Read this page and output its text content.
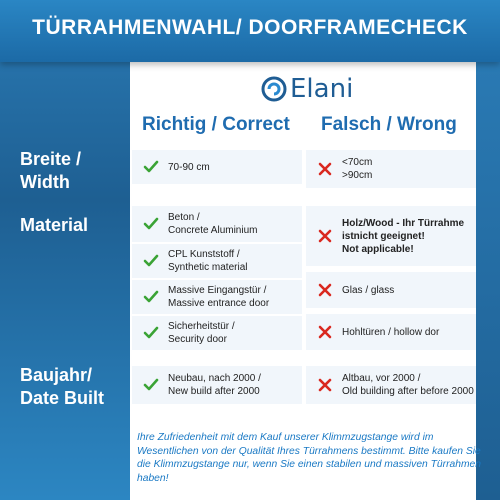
TÜRRAHMENWAHL/ DOORFRAMECHECK
Elani
Richtig / Correct Falsch / Wrong
Breite / Width
Material
Baujahr/ Date Built
70-90 cm	<70cm
>90cm
Beton /
Concrete Aluminium
CPL Kunststoff /
Synthetic material
Massive Eingangstür /
Massive entrance door
Sicherheitstür /
Security door
Holz/Wood - Ihr Türrahme
istnicht geeignet!
Not applicable!
Glas / glass
Hohltüren / hollow dor
Neubau, nach 2000 /
New build after 2000
Altbau, vor 2000 /
Old building after before 2000
Ihre Zufriedenheit mit dem Kauf unserer Klimmzugstange wird im Wesentlichen von der Qualität Ihres Türrahmens bestimmt. Bitte kaufen Sie die Klimmzugstange nur, wenn Sie einen stabilen und massiven Türrahmen haben!
